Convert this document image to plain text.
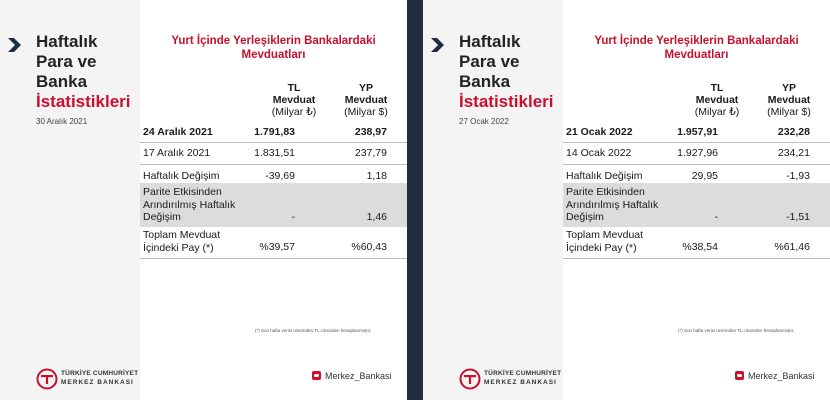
Haftalık
Para ve
Banka
İstatistikleri
30 Aralık 2021
TÜRKİYE CUMHURİYET
MERKEZ BANKASI
Yurt İçinde Yerleşiklerin Bankalardaki
Mevduatları
TL
Mevduat
(Milyar ₺)
YP
Mevduat
(Milyar $)
24 Aralık 2021	1.791,83	238,97
17 Aralık 2021	1.831,51	237,79
Haftalık Değişim	-39,69	1,18
Parite Etkisinden
Arındırılmış Haftalık
Değişim	-	1,46
Toplam Mevduat
İçindeki Pay (*)	%39,57	%60,43
(*) Son hafta verisi üzerinden TL cinsinden hesaplanmıştır.
Merkez_Bankasi
Haftalık
Para ve
Banka
İstatistikleri
27 Ocak 2022
TÜRKİYE CUMHURİYET
MERKEZ BANKASI
Yurt İçinde Yerleşiklerin Bankalardaki
Mevduatları
TL
Mevduat
(Milyar ₺)
YP
Mevduat
(Milyar $)
21 Ocak 2022	1.957,91	232,28
14 Ocak 2022	1.927,96	234,21
Haftalık Değişim	29,95	-1,93
Parite Etkisinden
Arındırılmış Haftalık
Değişim	-	-1,51
Toplam Mevduat
İçindeki Pay (*)	%38,54	%61,46
(*) Son hafta verisi üzerinden TL cinsinden hesaplanmıştır.
Merkez_Bankasi
